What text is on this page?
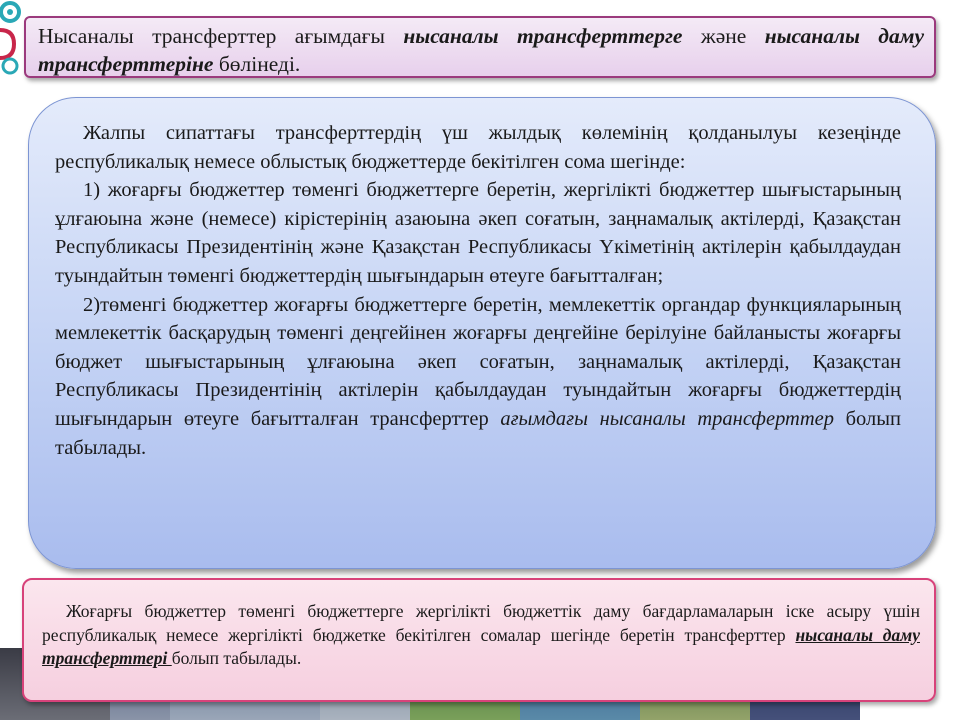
Нысаналы трансферттер ағымдағы нысаналы трансферттерге және нысаналы даму трансферттеріне бөлінеді.

Жалпы сипаттағы трансферттердің үш жылдық көлемінің қолданылуы кезеңінде республикалық немесе облыстық бюджеттерде бекітілген сома шегінде:

1) жоғарғы бюджеттер төменгі бюджеттерге беретін, жергілікті бюджеттер шығыстарының ұлғаюына және (немесе) кірістерінің азаюына әкеп соғатын, заңнамалық актілерді, Қазақстан Республикасы Президентінің және Қазақстан Республикасы Үкіметінің актілерін қабылдаудан туындайтын төменгі бюджеттердің шығындарын өтеуге бағытталған;

2)төменгі бюджеттер жоғарғы бюджеттерге беретін, мемлекеттік органдар функцияларының мемлекеттік басқарудың төменгі деңгейінен жоғарғы деңгейіне берілуіне байланысты жоғарғы бюджет шығыстарының ұлғаюына әкеп соғатын, заңнамалық актілерді, Қазақстан Республикасы Президентінің актілерін қабылдаудан туындайтын жоғарғы бюджеттердің шығындарын өтеуге бағытталған трансферттер ағымдағы нысаналы трансферттер болып табылады.

Жоғарғы бюджеттер төменгі бюджеттерге жергілікті бюджеттік даму бағдарламаларын іске асыру үшін республикалық немесе жергілікті бюджетке бекітілген сомалар шегінде беретін трансферттер нысаналы даму трансферттері болып табылады.
